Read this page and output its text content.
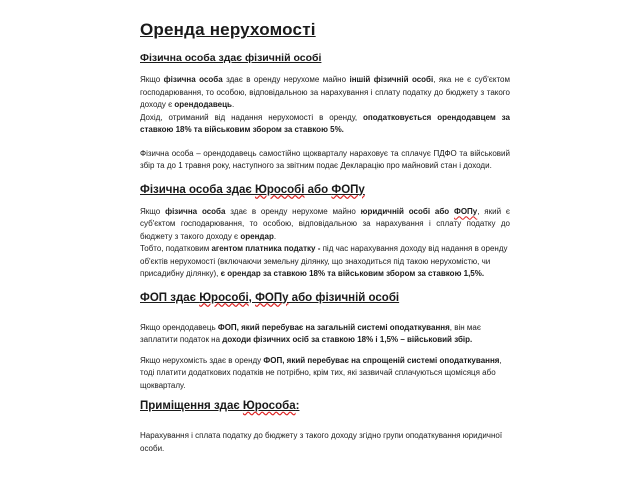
Оренда нерухомості
Фізична особа здає фізичній особі

Якщо фізична особа здає в оренду нерухоме майно іншій фізичній особі, яка не є суб'єктом господарювання, то особою, відповідальною за нарахування і сплату податку до бюджету з такого доходу є орендодавець.

Дохід, отриманий від надання нерухомості в оренду, оподатковується орендодавцем за ставкою 18% та військовим збором за ставкою 5%.

Фізична особа – орендодавець самостійно щокварталу нараховує та сплачує ПДФО та військовий збір та до 1 травня року, наступного за звітним подає Декларацію про майновий стан і доходи.

Фізична особа здає Юрособі або ФОПу

Якщо фізична особа здає в оренду нерухоме майно юридичній особі або ФОПу, який є суб'єктом господарювання, то особою, відповідальною за нарахування і сплату податку до бюджету з такого доходу є орендар.

Тобто, податковим агентом платника податку - під час нарахування доходу від надання в оренду об'єктів нерухомості (включаючи земельну ділянку, що знаходиться під такою нерухомістю, чи присадибну ділянку), є орендар за ставкою 18% та військовим збором за ставкою 1,5%.

ФОП здає Юрособі, ФОПу або фізичній особі

Якщо орендодавець ФОП, який перебуває на загальній системі оподаткування, він має заплатити податок на доходи фізичних осіб за ставкою 18% і 1,5% – військовий збір.

Якщо нерухомість здає в оренду ФОП, який перебуває на спрощеній системі оподаткування, тоді платити додаткових податків не потрібно, крім тих, які зазвичай сплачуються щомісяця або щокварталу.

Приміщення здає Юрособа:

Нарахування і сплата податку до бюджету з такого доходу згідно групи оподаткування юридичної особи.
